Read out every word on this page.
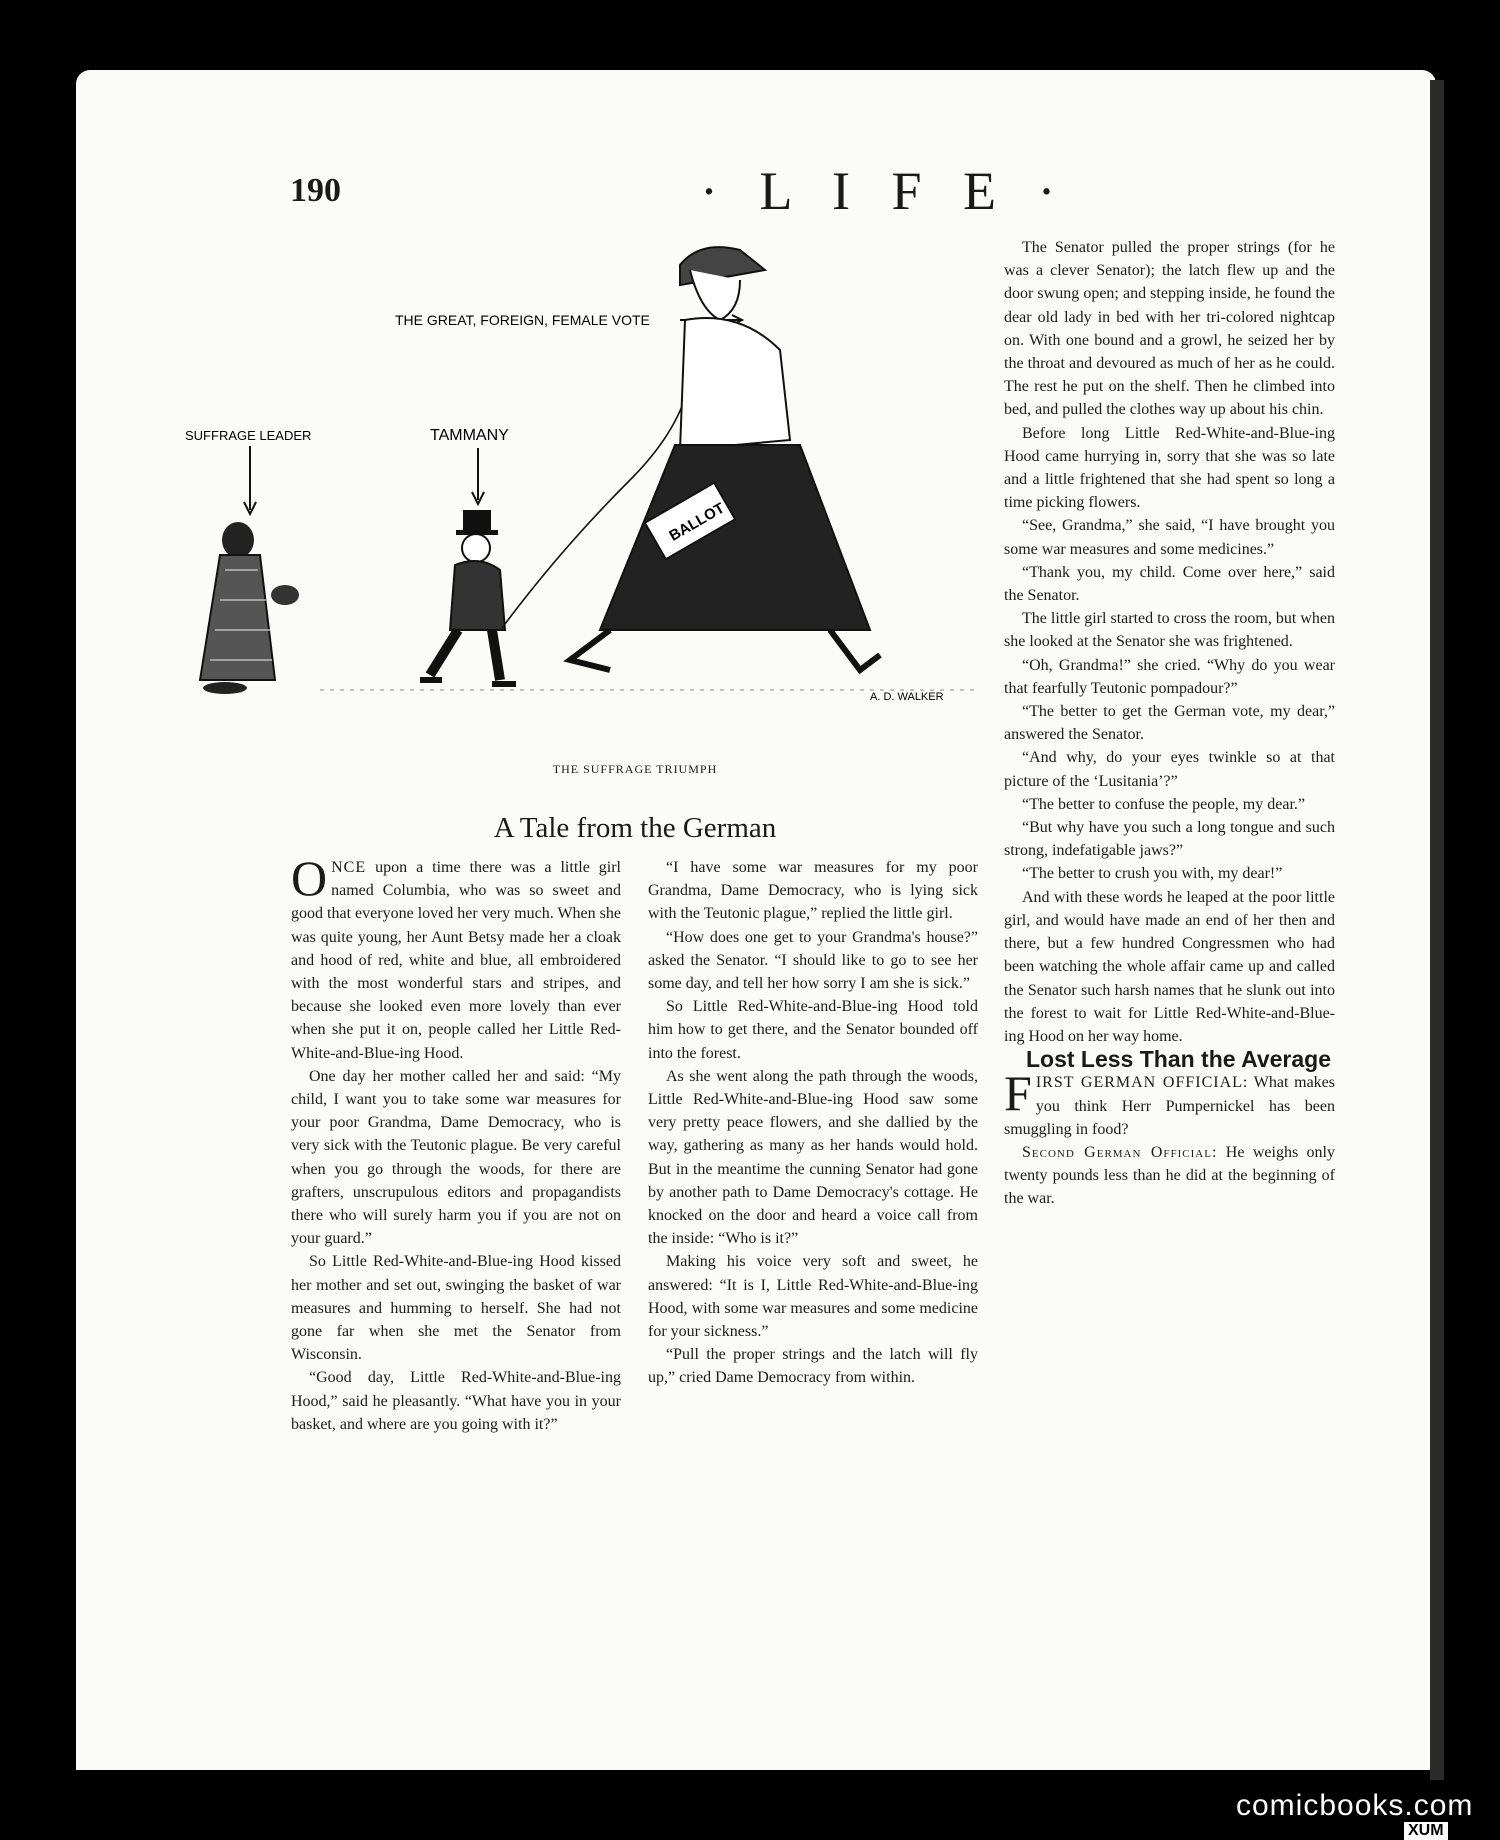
190	· L I F E ·
THE GREAT, FOREIGN, FEMALE VOTE
SUFFRAGE LEADER	TAMMANY
BALLOT
A. D. WALKER
THE SUFFRAGE TRIUMPH
A Tale from the German

O NCE upon a time there was a little girl named Columbia, who was so sweet and good that everyone loved her very much. When she was quite young, her Aunt Betsy made her a cloak and hood of red, white and blue, all embroidered with the most wonderful stars and stripes, and because she looked even more lovely than ever when she put it on, people called her Little Red-White-and-Blue-ing Hood.

One day her mother called her and said: “My child, I want you to take some war measures for your poor Grandma, Dame Democracy, who is very sick with the Teutonic plague. Be very careful when you go through the woods, for there are grafters, unscrupulous editors and propagandists there who will surely harm you if you are not on your guard.”

So Little Red-White-and-Blue-ing Hood kissed her mother and set out, swinging the basket of war measures and humming to herself. She had not gone far when she met the Senator from Wisconsin.

“Good day, Little Red-White-and-Blue-ing Hood,” said he pleasantly. “What have you in your basket, and where are you going with it?”

“I have some war measures for my poor Grandma, Dame Democracy, who is lying sick with the Teutonic plague,” replied the little girl.

“How does one get to your Grandma's house?” asked the Senator. “I should like to go to see her some day, and tell her how sorry I am she is sick.”

So Little Red-White-and-Blue-ing Hood told him how to get there, and the Senator bounded off into the forest.

As she went along the path through the woods, Little Red-White-and-Blue-ing Hood saw some very pretty peace flowers, and she dallied by the way, gathering as many as her hands would hold. But in the meantime the cunning Senator had gone by another path to Dame Democracy's cottage. He knocked on the door and heard a voice call from the inside: “Who is it?”

Making his voice very soft and sweet, he answered: “It is I, Little Red-White-and-Blue-ing Hood, with some war measures and some medicine for your sickness.”

“Pull the proper strings and the latch will fly up,” cried Dame Democracy from within.

The Senator pulled the proper strings (for he was a clever Senator); the latch flew up and the door swung open; and stepping inside, he found the dear old lady in bed with her tri-colored nightcap on. With one bound and a growl, he seized her by the throat and devoured as much of her as he could. The rest he put on the shelf. Then he climbed into bed, and pulled the clothes way up about his chin.

Before long Little Red-White-and-Blue-ing Hood came hurrying in, sorry that she was so late and a little frightened that she had spent so long a time picking flowers.

“See, Grandma,” she said, “I have brought you some war measures and some medicines.”

“Thank you, my child. Come over here,” said the Senator.

The little girl started to cross the room, but when she looked at the Senator she was frightened.

“Oh, Grandma!” she cried. “Why do you wear that fearfully Teutonic pompadour?”

“The better to get the German vote, my dear,” answered the Senator.

“And why, do your eyes twinkle so at that picture of the ‘Lusitania’?”

“The better to confuse the people, my dear.”

“But why have you such a long tongue and such strong, indefatigable jaws?”

“The better to crush you with, my dear!”

And with these words he leaped at the poor little girl, and would have made an end of her then and there, but a few hundred Congressmen who had been watching the whole affair came up and called the Senator such harsh names that he slunk out into the forest to wait for Little Red-White-and-Blue-ing Hood on her way home.

Lost Less Than the Average

F IRST GERMAN OFFICIAL: What makes you think Herr Pumpernickel has been smuggling in food?

Second German Official: He weighs only twenty pounds less than he did at the beginning of the war.

comicbooks.com
XUM
